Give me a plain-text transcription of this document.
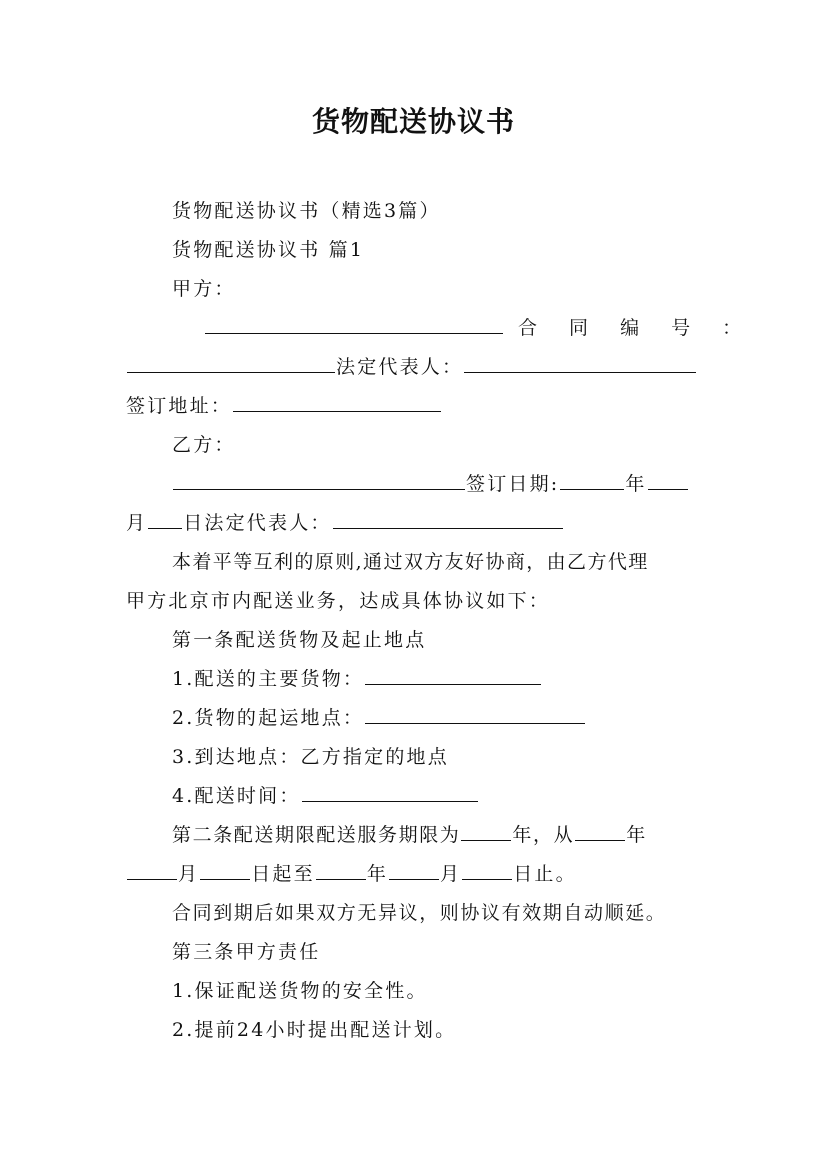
货物配送协议书
货物配送协议书（精选3篇）
货物配送协议书 篇1
甲方：
合 同 编 号 ：
法定代表人：
签订地址：
乙方：
签订日期:	年
月 日法定代表人：
本着平等互利的原则,通过双方友好协商，由乙方代理
甲方北京市内配送业务，达成具体协议如下：
第一条配送货物及起止地点
1.配送的主要货物：
2.货物的起运地点：
3.到达地点：乙方指定的地点
4.配送时间：
第二条配送期限配送服务期限为	年，从	年
月	日起至	年	月	日止。
合同到期后如果双方无异议，则协议有效期自动顺延。
第三条甲方责任
1.保证配送货物的安全性。
2.提前24小时提出配送计划。
